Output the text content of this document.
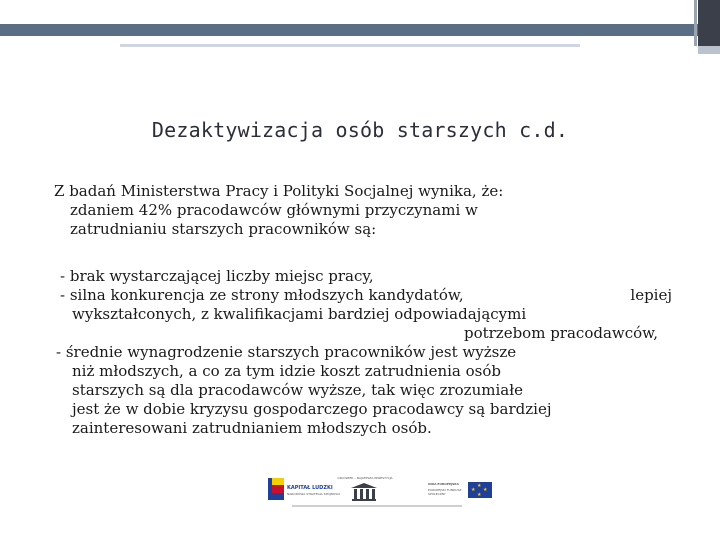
Dezaktywizacja osób starszych c.d.
Z badań Ministerstwa Pracy i Polityki Socjalnej wynika, że:
zdaniem 42% pracodawców głównymi przyczynami w
zatrudnianiu starszych pracowników są:
- brak wystarczającej liczby miejsc pracy,
- silna konkurencja ze strony młodszych kandydatów,	lepiej
wykształconych, z kwalifikacjami bardziej odpowiadającymi
potrzebom pracodawców,
- średnie wynagrodzenie starszych pracowników jest wyższe
niż młodszych, a co za tym idzie koszt zatrudnienia osób
starszych są dla pracodawców wyższe, tak więc zrozumiałe
jest że w dobie kryzysu gospodarczego pracodawcy są bardziej
zainteresowani zatrudnianiem młodszych osób.
KAPITAŁ LUDZKI
NARODOWA STRATEGIA SPÓJNOŚCI
CZŁOWIEK – NAJLEPSZA INWESTYCJA
UNIA EUROPEJSKA
EUROPEJSKI FUNDUSZ SPOŁECZNY
★
★
★ ★
